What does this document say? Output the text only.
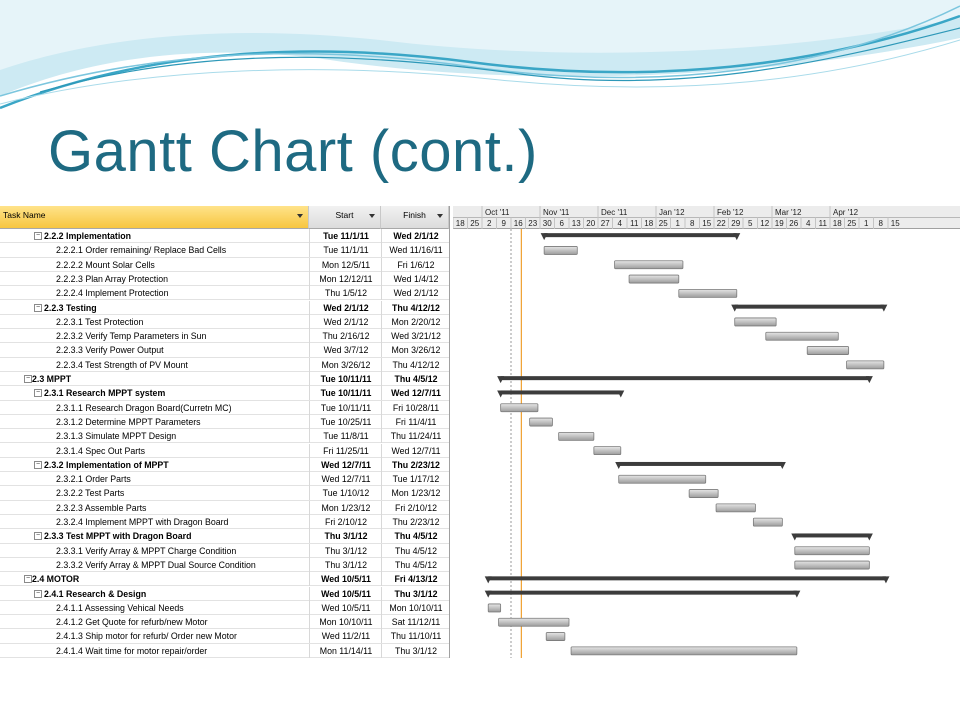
Gantt Chart (cont.)
Task Name	Start	Finish
− 2.2.2 Implementation	Tue 11/1/11	Wed 2/1/12
2.2.2.1 Order remaining/ Replace Bad Cells	Tue 11/1/11	Wed 11/16/11
2.2.2.2 Mount Solar Cells	Mon 12/5/11	Fri 1/6/12
2.2.2.3 Plan Array Protection	Mon 12/12/11	Wed 1/4/12
2.2.2.4 Implement Protection	Thu 1/5/12	Wed 2/1/12
− 2.2.3 Testing	Wed 2/1/12	Thu 4/12/12
2.2.3.1 Test Protection	Wed 2/1/12	Mon 2/20/12
2.2.3.2 Verify Temp Parameters in Sun	Thu 2/16/12	Wed 3/21/12
2.2.3.3 Verify Power Output	Wed 3/7/12	Mon 3/26/12
2.2.3.4 Test Strength of PV Mount	Mon 3/26/12	Thu 4/12/12
− 2.3 MPPT	Tue 10/11/11	Thu 4/5/12
− 2.3.1 Research MPPT system	Tue 10/11/11	Wed 12/7/11
2.3.1.1 Research Dragon Board(Curretn MC)	Tue 10/11/11	Fri 10/28/11
2.3.1.2 Determine MPPT Parameters	Tue 10/25/11	Fri 11/4/11
2.3.1.3 Simulate MPPT Design	Tue 11/8/11	Thu 11/24/11
2.3.1.4 Spec Out Parts	Fri 11/25/11	Wed 12/7/11
− 2.3.2 Implementation of MPPT	Wed 12/7/11	Thu 2/23/12
2.3.2.1 Order Parts	Wed 12/7/11	Tue 1/17/12
2.3.2.2 Test Parts	Tue 1/10/12	Mon 1/23/12
2.3.2.3 Assemble Parts	Mon 1/23/12	Fri 2/10/12
2.3.2.4 Implement MPPT with Dragon Board	Fri 2/10/12	Thu 2/23/12
− 2.3.3 Test MPPT with Dragon Board	Thu 3/1/12	Thu 4/5/12
2.3.3.1 Verify Array & MPPT Charge Condition	Thu 3/1/12	Thu 4/5/12
2.3.3.2 Verify Array & MPPT Dual Source Condition	Thu 3/1/12	Thu 4/5/12
− 2.4 MOTOR	Wed 10/5/11	Fri 4/13/12
− 2.4.1 Research & Design	Wed 10/5/11	Thu 3/1/12
2.4.1.1 Assessing Vehical Needs	Wed 10/5/11	Mon 10/10/11
2.4.1.2 Get Quote for refurb/new Motor	Mon 10/10/11	Sat 11/12/11
2.4.1.3 Ship motor for refurb/ Order new Motor	Wed 11/2/11	Thu 11/10/11
2.4.1.4 Wait time for motor repair/order	Mon 11/14/11	Thu 3/1/12
18 25 2 9 16 23 30 6 13 20 27 4 11 18 25 1 8 15 22 29 5 12 19 26 4 11 18 25 1 8 15
Oct '11	Nov '11	Dec '11	Jan '12	Feb '12	Mar '12	Apr '12
